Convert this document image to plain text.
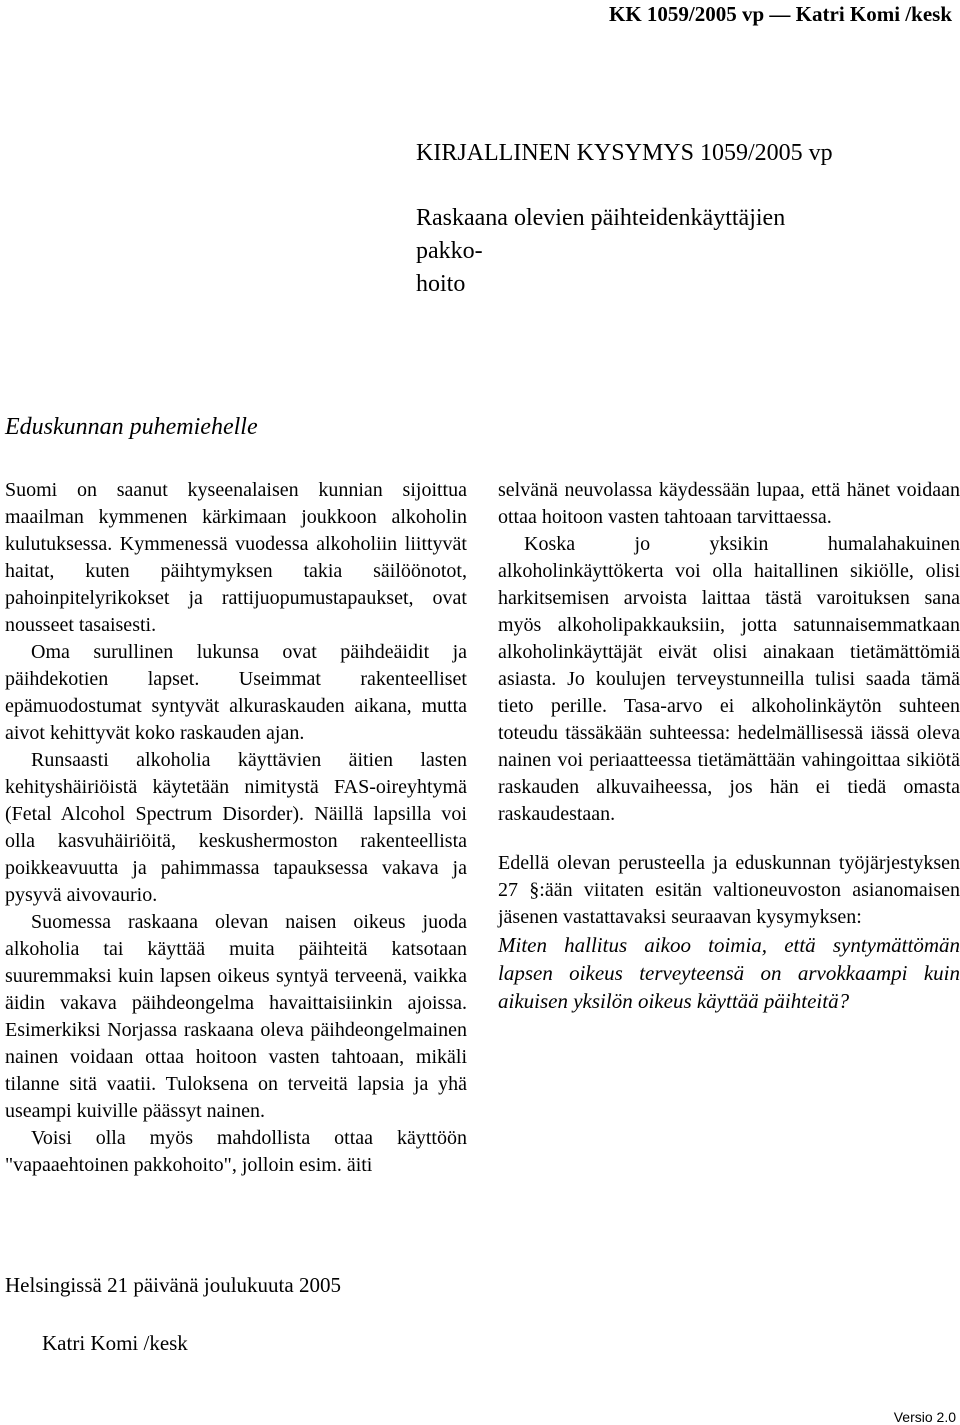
KK 1059/2005 vp — Katri Komi /kesk
KIRJALLINEN KYSYMYS 1059/2005 vp
Raskaana olevien päihteidenkäyttäjien pakko-
hoito
Eduskunnan puhemiehelle

Suomi on saanut kyseenalaisen kunnian sijoittua maailman kymmenen kärkimaan joukkoon alkoholin kulutuksessa. Kymmenessä vuodessa alkoholiin liittyvät haitat, kuten päihtymyksen takia säilöönotot, pahoinpitelyrikokset ja rattijuopumustapaukset, ovat nousseet tasaisesti.

Oma surullinen lukunsa ovat päihdeäidit ja päihdekotien lapset. Useimmat rakenteelliset epämuodostumat syntyvät alkuraskauden aikana, mutta aivot kehittyvät koko raskauden ajan.

Runsaasti alkoholia käyttävien äitien lasten kehityshäiriöistä käytetään nimitystä FAS-oireyhtymä (Fetal Alcohol Spectrum Disorder). Näillä lapsilla voi olla kasvuhäiriöitä, keskushermoston rakenteellista poikkeavuutta ja pahimmassa tapauksessa vakava ja pysyvä aivovaurio.

Suomessa raskaana olevan naisen oikeus juoda alkoholia tai käyttää muita päihteitä katsotaan suuremmaksi kuin lapsen oikeus syntyä terveenä, vaikka äidin vakava päihdeongelma havaittaisiinkin ajoissa. Esimerkiksi Norjassa raskaana oleva päihdeongelmainen nainen voidaan ottaa hoitoon vasten tahtoaan, mikäli tilanne sitä vaatii. Tuloksena on terveitä lapsia ja yhä useampi kuiville päässyt nainen.

Voisi olla myös mahdollista ottaa käyttöön "vapaaehtoinen pakkohoito", jolloin esim. äiti

selvänä neuvolassa käydessään lupaa, että hänet voidaan ottaa hoitoon vasten tahtoaan tarvittaessa.

Koska jo yksikin humalahakuinen alkoholinkäyttökerta voi olla haitallinen sikiölle, olisi harkitsemisen arvoista laittaa tästä varoituksen sana myös alkoholipakkauksiin, jotta satunnaisemmatkaan alkoholinkäyttäjät eivät olisi ainakaan tietämättömiä asiasta. Jo koulujen terveystunneilla tulisi saada tämä tieto perille. Tasa-arvo ei alkoholinkäytön suhteen toteudu tässäkään suhteessa: hedelmällisessä iässä oleva nainen voi periaatteessa tietämättään vahingoittaa sikiötä raskauden alkuvaiheessa, jos hän ei tiedä omasta raskaudestaan.

Edellä olevan perusteella ja eduskunnan työjärjestyksen 27 §:ään viitaten esitän valtioneuvoston asianomaisen jäsenen vastattavaksi seuraavan kysymyksen:

Miten hallitus aikoo toimia, että syntymättömän lapsen oikeus terveyteensä on arvokkaampi kuin aikuisen yksilön oikeus käyttää päihteitä?

Helsingissä 21 päivänä joulukuuta 2005
Katri Komi /kesk
Versio 2.0
